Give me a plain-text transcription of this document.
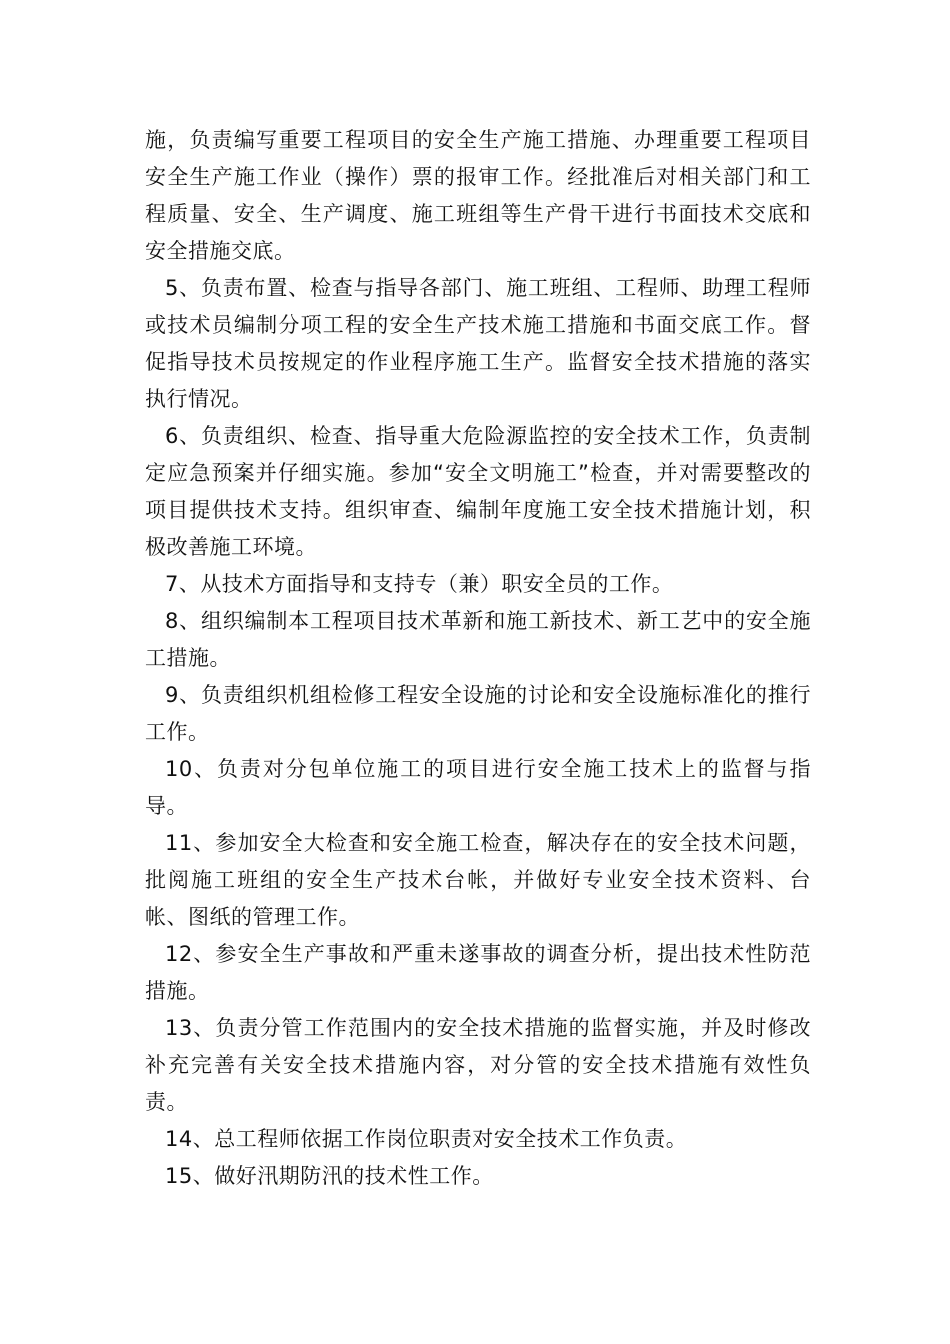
施，负责编写重要工程项目的安全生产施工措施、办理重要工程项目安全生产施工作业（操作）票的报审工作。经批准后对相关部门和工程质量、安全、生产调度、施工班组等生产骨干进行书面技术交底和安全措施交底。

5、负责布置、检查与指导各部门、施工班组、工程师、助理工程师或技术员编制分项工程的安全生产技术施工措施和书面交底工作。督促指导技术员按规定的作业程序施工生产。监督安全技术措施的落实执行情况。

6、负责组织、检查、指导重大危险源监控的安全技术工作，负责制定应急预案并仔细实施。参加“安全文明施工”检查，并对需要整改的项目提供技术支持。组织审查、编制年度施工安全技术措施计划，积极改善施工环境。

7、从技术方面指导和支持专（兼）职安全员的工作。

8、组织编制本工程项目技术革新和施工新技术、新工艺中的安全施工措施。

9、负责组织机组检修工程安全设施的讨论和安全设施标准化的推行工作。

10、负责对分包单位施工的项目进行安全施工技术上的监督与指导。

11、参加安全大检查和安全施工检查，解决存在的安全技术问题，批阅施工班组的安全生产技术台帐，并做好专业安全技术资料、台帐、图纸的管理工作。

12、参安全生产事故和严重未遂事故的调查分析，提出技术性防范措施。

13、负责分管工作范围内的安全技术措施的监督实施，并及时修改补充完善有关安全技术措施内容，对分管的安全技术措施有效性负责。

14、总工程师依据工作岗位职责对安全技术工作负责。

15、做好汛期防汛的技术性工作。
